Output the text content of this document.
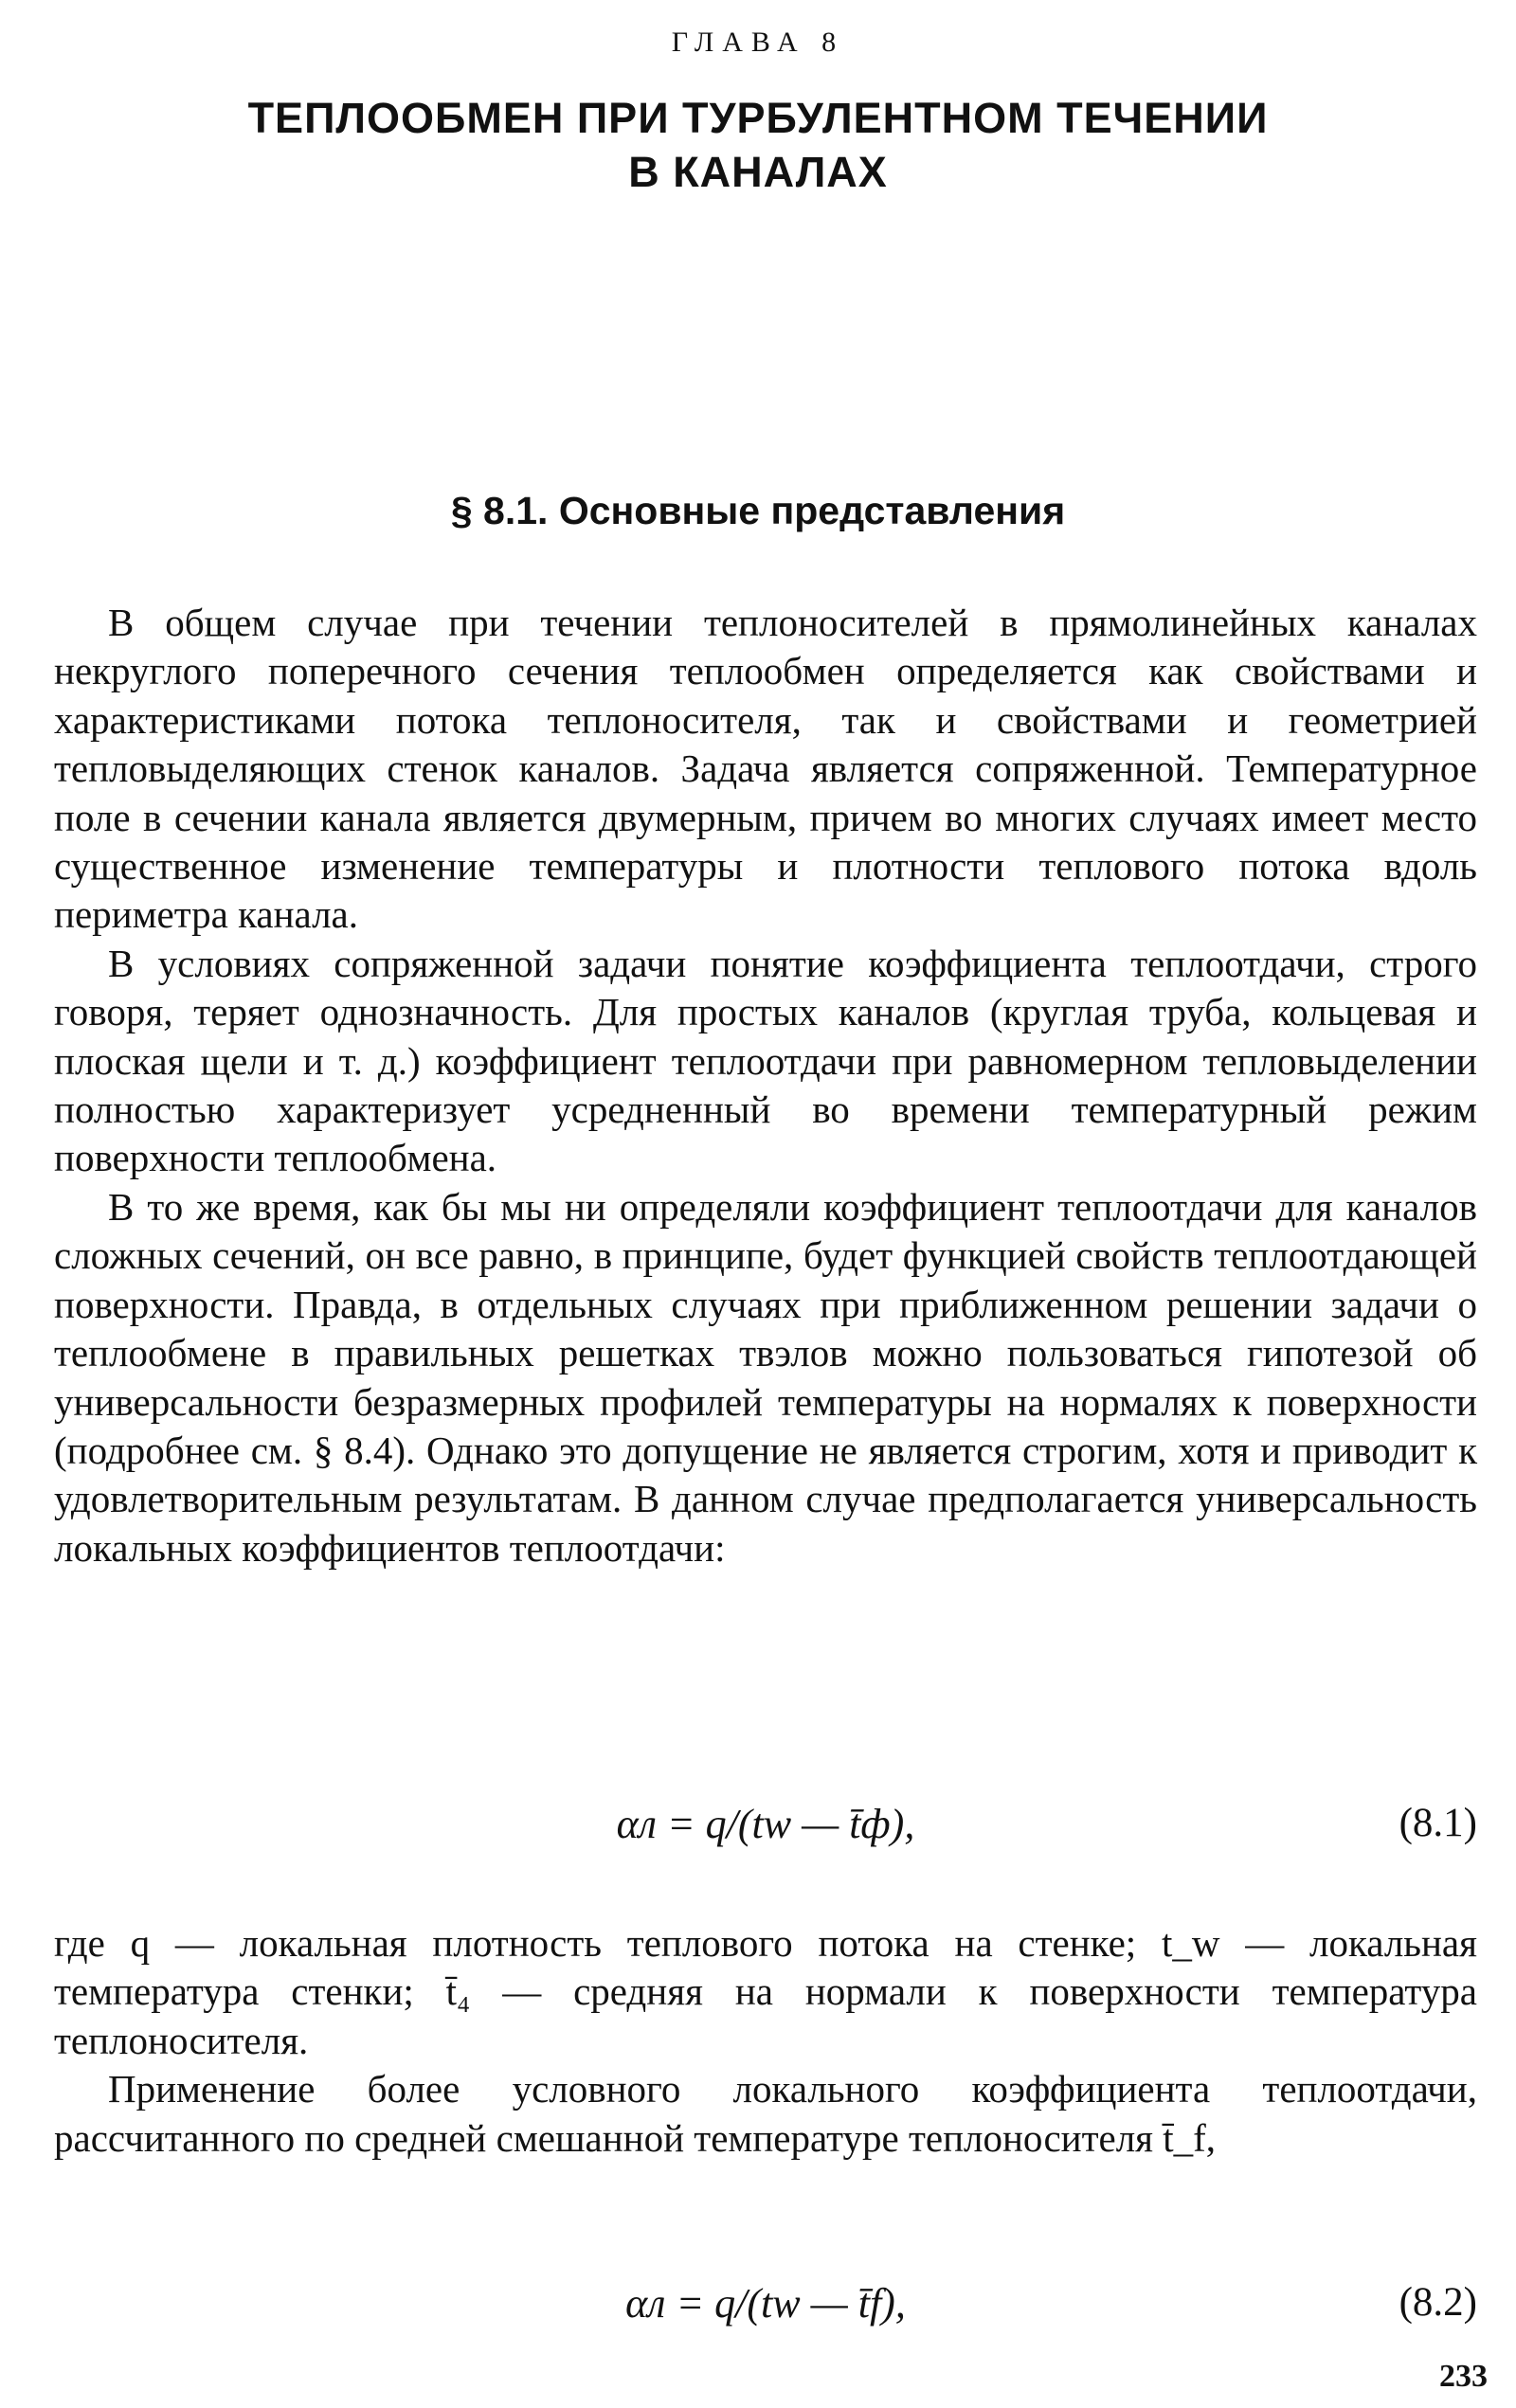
ГЛАВА 8
ТЕПЛООБМЕН ПРИ ТУРБУЛЕНТНОМ ТЕЧЕНИИ
В КАНАЛАХ
§ 8.1. Основные представления

В общем случае при течении теплоносителей в прямолинейных каналах некруглого поперечного сечения теплообмен определяется как свойствами и характеристиками потока теплоносителя, так и свойствами и геометрией тепловыделяющих стенок каналов. Задача является сопряженной. Температурное поле в сечении канала является двумерным, причем во многих случаях имеет место существенное изменение температуры и плотности теплового потока вдоль периметра канала.

В условиях сопряженной задачи понятие коэффициента теплоотдачи, строго говоря, теряет однозначность. Для простых каналов (круглая труба, кольцевая и плоская щели и т. д.) коэффициент теплоотдачи при равномерном тепловыделении полностью характеризует усредненный во времени температурный режим поверхности теплообмена.

В то же время, как бы мы ни определяли коэффициент теплоотдачи для каналов сложных сечений, он все равно, в принципе, будет функцией свойств теплоотдающей поверхности. Правда, в отдельных случаях при приближенном решении задачи о теплообмене в правильных решетках твэлов можно пользоваться гипотезой об универсальности безразмерных профилей температуры на нормалях к поверхности (подробнее см. § 8.4). Однако это допущение не является строгим, хотя и приводит к удовлетворительным результатам. В данном случае предполагается универсальность локальных коэффициентов теплоотдачи:

αл = q/(tw — t̄ф),	(8.1)

где q — локальная плотность теплового потока на стенке; t_w — локальная температура стенки; t̄₄ — средняя на нормали к поверхности температура теплоносителя.

Применение более условного локального коэффициента теплоотдачи, рассчитанного по средней смешанной температуре теплоносителя t̄_f,

αл = q/(tw — t̄f),	(8.2)
233
